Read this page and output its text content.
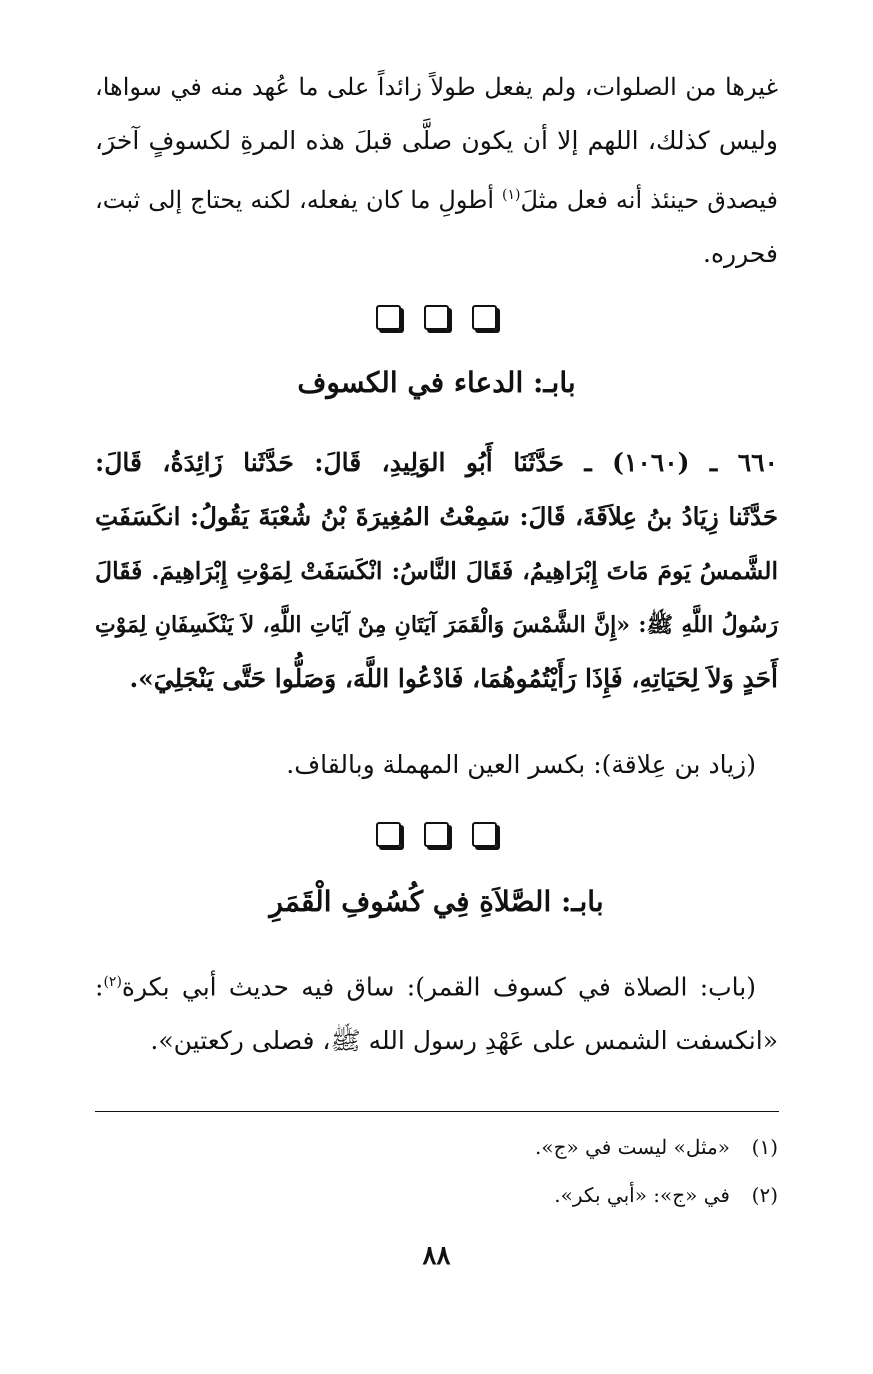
غيرها من الصلوات، ولم يفعل طولاً زائداً على ما عُهد منه في سواها،
وليس كذلك، اللهم إلا أن يكون صلَّى قبلَ هذه المرةِ لكسوفٍ آخرَ،
فيصدق حينئذ أنه فعل مثلَ$^{(١)}$ أطولِ ما كان يفعله، لكنه يحتاج إلى ثبت،
فحرره.

بابـ: الدعاء في الكسوف
٦٦٠ ـ (١٠٦٠) ـ حَدَّثَنَا أَبُو الوَلِيدِ، قَالَ: حَدَّثَنا زَائِدَةُ، قَالَ:
حَدَّثَنا زِيَادُ بنُ عِلاَقَةَ، قَالَ: سَمِعْتُ المُغِيرَةَ بْنُ شُعْبَةَ يَقُولُ: انكَسَفَتِ
الشَّمسُ يَومَ مَاتَ إِبْرَاهِيمُ، فَقَالَ النَّاسُ: انْكَسَفَتْ لِمَوْتِ إِبْرَاهِيمَ. فَقَالَ
رَسُولُ اللَّهِ ﷺ: «إِنَّ الشَّمْسَ وَالْقَمَرَ آيَتَانِ مِنْ آيَاتِ اللَّهِ، لاَ يَنْكَسِفَانِ لِمَوْتِ
أَحَدٍ وَلاَ لِحَيَاتِهِ، فَإِذَا رَأَيْتُمُوهُمَا، فَادْعُوا اللَّهَ، وَصَلُّوا حَتَّى يَنْجَلِيَ».
(زياد بن عِلاقة): بكسر العين المهملة وبالقاف.

بابـ: الصَّلاَةِ فِي كُسُوفِ الْقَمَرِ
(باب: الصلاة في كسوف القمر): ساق فيه حديث أبي بكرة$^{(٢)}$:
«انكسفت الشمس على عَهْدِ رسول الله ﷺ، فصلى ركعتين».

(١)«مثل» ليست في «ج».

(٢)في «ج»: «أبي بكر».

٨٨
